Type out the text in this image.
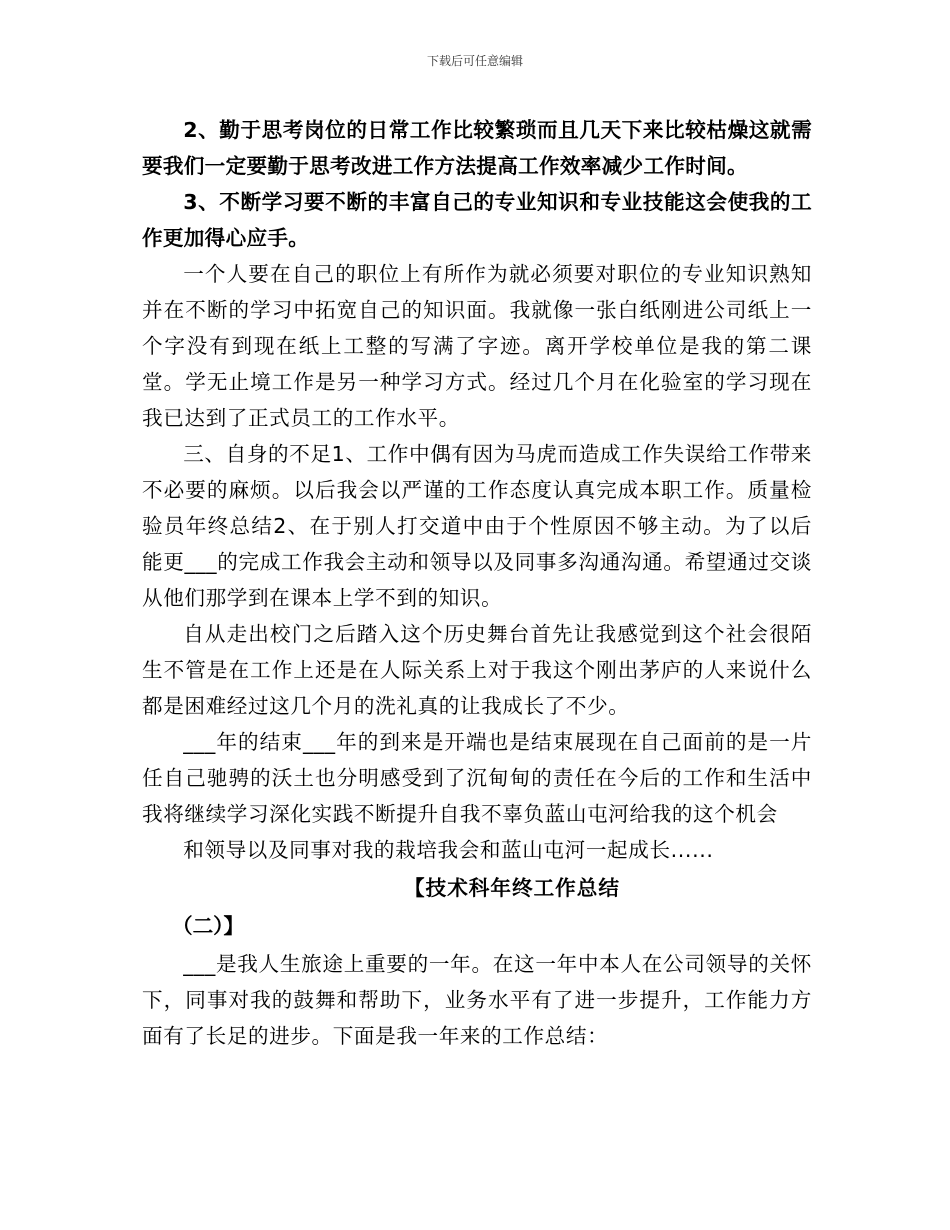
下载后可任意编辑

2、勤于思考岗位的日常工作比较繁琐而且几天下来比较枯燥这就需要我们一定要勤于思考改进工作方法提高工作效率减少工作时间。

3、不断学习要不断的丰富自己的专业知识和专业技能这会使我的工作更加得心应手。

一个人要在自己的职位上有所作为就必须要对职位的专业知识熟知并在不断的学习中拓宽自己的知识面。我就像一张白纸刚进公司纸上一个字没有到现在纸上工整的写满了字迹。离开学校单位是我的第二课堂。学无止境工作是另一种学习方式。经过几个月在化验室的学习现在我已达到了正式员工的工作水平。

三、自身的不足1、工作中偶有因为马虎而造成工作失误给工作带来不必要的麻烦。以后我会以严谨的工作态度认真完成本职工作。质量检验员年终总结2、在于别人打交道中由于个性原因不够主动。为了以后能更___的完成工作我会主动和领导以及同事多沟通沟通。希望通过交谈从他们那学到在课本上学不到的知识。

自从走出校门之后踏入这个历史舞台首先让我感觉到这个社会很陌生不管是在工作上还是在人际关系上对于我这个刚出茅庐的人来说什么都是困难经过这几个月的洗礼真的让我成长了不少。

___年的结束___年的到来是开端也是结束展现在自己面前的是一片任自己驰骋的沃土也分明感受到了沉甸甸的责任在今后的工作和生活中我将继续学习深化实践不断提升自我不辜负蓝山屯河给我的这个机会

和领导以及同事对我的栽培我会和蓝山屯河一起成长......

【技术科年终工作总结

（二）】

___是我人生旅途上重要的一年。在这一年中本人在公司领导的关怀下，同事对我的鼓舞和帮助下，业务水平有了进一步提升，工作能力方面有了长足的进步。下面是我一年来的工作总结：
